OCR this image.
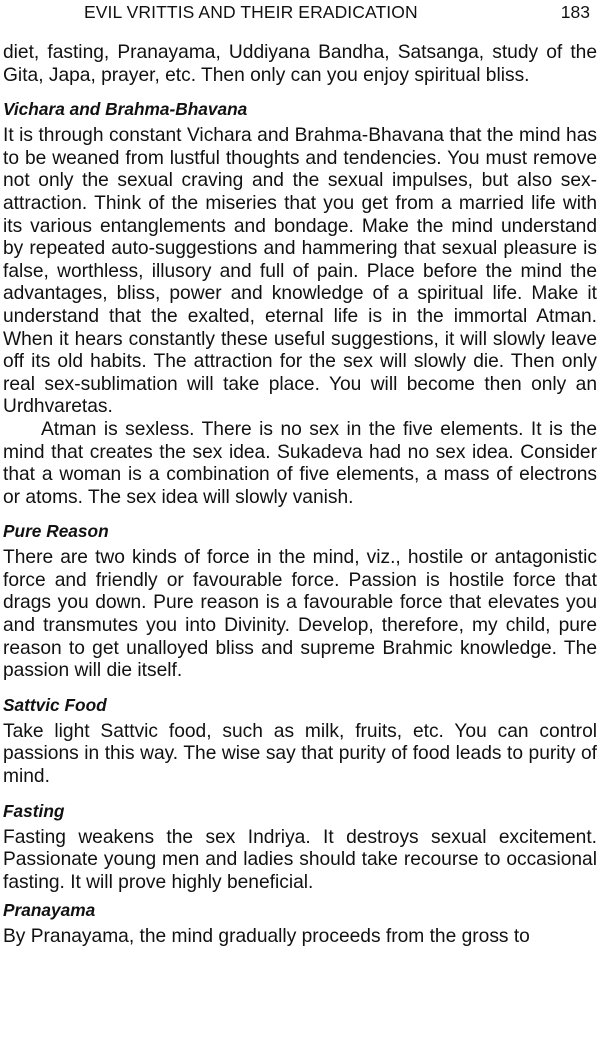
EVIL VRITTIS AND THEIR ERADICATION	183

diet, fasting, Pranayama, Uddiyana Bandha, Satsanga, study of the Gita, Japa, prayer, etc. Then only can you enjoy spiritual bliss.

Vichara and Brahma-Bhavana

It is through constant Vichara and Brahma-Bhavana that the mind has to be weaned from lustful thoughts and tendencies. You must remove not only the sexual craving and the sexual impulses, but also sex-attraction. Think of the miseries that you get from a married life with its various entanglements and bondage. Make the mind understand by repeated auto-suggestions and hammering that sexual pleasure is false, worthless, illusory and full of pain. Place before the mind the advantages, bliss, power and knowledge of a spiritual life. Make it understand that the exalted, eternal life is in the immortal Atman. When it hears constantly these useful suggestions, it will slowly leave off its old habits. The attraction for the sex will slowly die. Then only real sex-sublimation will take place. You will become then only an Urdhvaretas.

Atman is sexless. There is no sex in the five elements. It is the mind that creates the sex idea. Sukadeva had no sex idea. Consider that a woman is a combination of five elements, a mass of electrons or atoms. The sex idea will slowly vanish.

Pure Reason

There are two kinds of force in the mind, viz., hostile or antagonistic force and friendly or favourable force. Passion is hostile force that drags you down. Pure reason is a favourable force that elevates you and transmutes you into Divinity. Develop, therefore, my child, pure reason to get unalloyed bliss and supreme Brahmic knowledge. The passion will die itself.

Sattvic Food

Take light Sattvic food, such as milk, fruits, etc. You can control passions in this way. The wise say that purity of food leads to purity of mind.

Fasting

Fasting weakens the sex Indriya. It destroys sexual excitement. Passionate young men and ladies should take recourse to occasional fasting. It will prove highly beneficial.

Pranayama

By Pranayama, the mind gradually proceeds from the gross to
